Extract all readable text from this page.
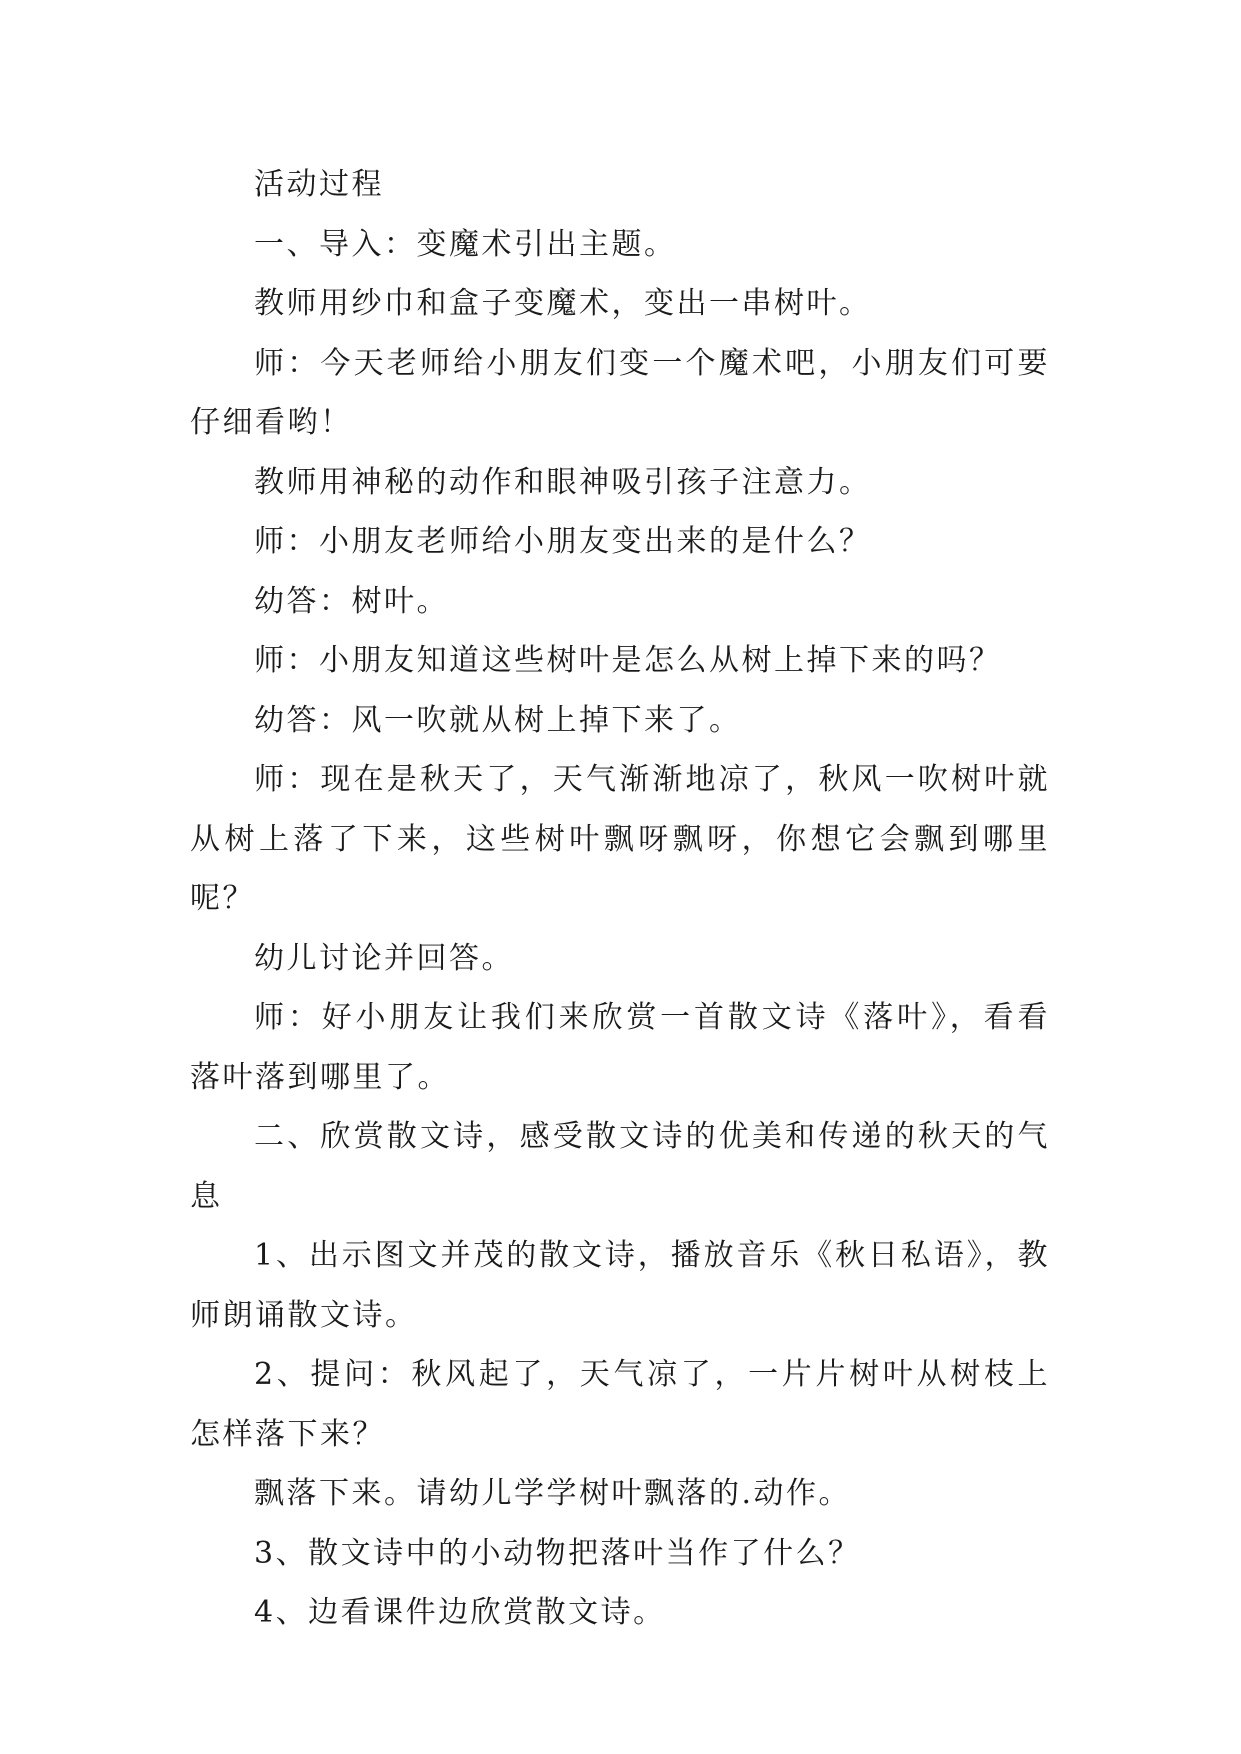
活动过程

一、导入：变魔术引出主题。

教师用纱巾和盒子变魔术，变出一串树叶。

师：今天老师给小朋友们变一个魔术吧，小朋友们可要仔细看哟！

教师用神秘的动作和眼神吸引孩子注意力。

师：小朋友老师给小朋友变出来的是什么？

幼答：树叶。

师：小朋友知道这些树叶是怎么从树上掉下来的吗？

幼答：风一吹就从树上掉下来了。

师：现在是秋天了，天气渐渐地凉了，秋风一吹树叶就从树上落了下来，这些树叶飘呀飘呀，你想它会飘到哪里呢？

幼儿讨论并回答。

师：好小朋友让我们来欣赏一首散文诗《落叶》，看看落叶落到哪里了。

二、欣赏散文诗，感受散文诗的优美和传递的秋天的气息

1、出示图文并茂的散文诗，播放音乐《秋日私语》，教师朗诵散文诗。

2、提问：秋风起了，天气凉了，一片片树叶从树枝上怎样落下来？

飘落下来。请幼儿学学树叶飘落的.动作。

3、散文诗中的小动物把落叶当作了什么？

4、边看课件边欣赏散文诗。
